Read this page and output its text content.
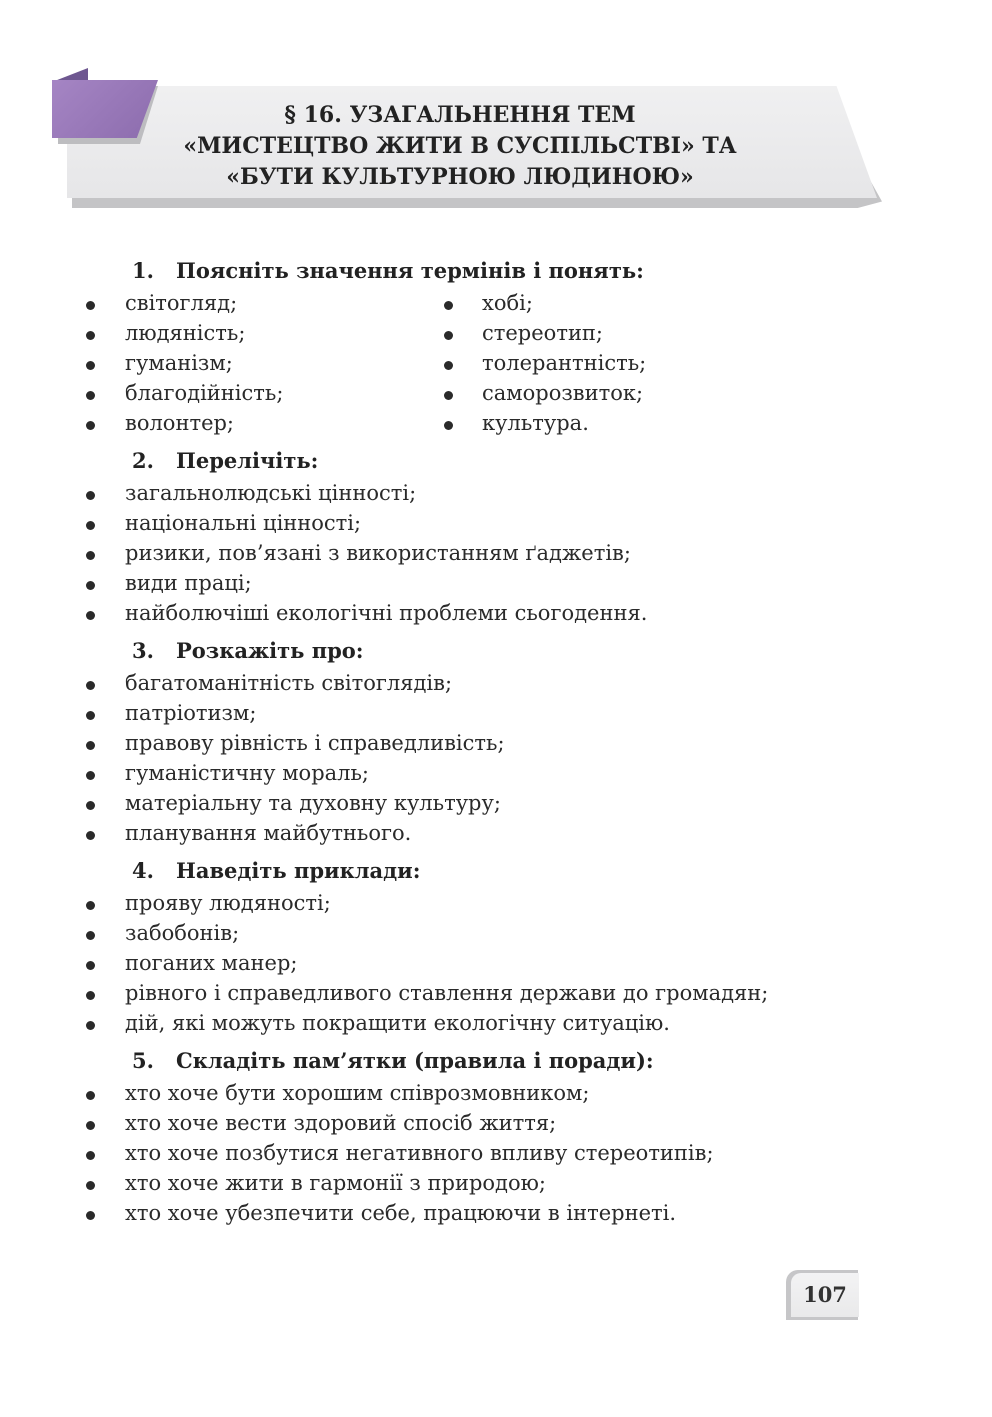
§ 16. УЗАГАЛЬНЕННЯ ТЕМ
«МИСТЕЦТВО ЖИТИ В СУСПІЛЬСТВІ» ТА
«БУТИ КУЛЬТУРНОЮ ЛЮДИНОЮ»

1. Поясніть значення термінів і понять:

світогляд;
людяність;
гуманізм;
благодійність;
волонтер;
хобі;
стереотип;
толерантність;
саморозвиток;
культура.

2. Перелічіть:

загальнолюдські цінності;
національні цінності;
ризики, пов’язані з використанням ґаджетів;
види праці;
найболючіші екологічні проблеми сьогодення.

3. Розкажіть про:

багатоманітність світоглядів;
патріотизм;
правову рівність і справедливість;
гуманістичну мораль;
матеріальну та духовну культуру;
планування майбутнього.

4. Наведіть приклади:

прояву людяності;
забобонів;
поганих манер;
рівного і справедливого ставлення держави до громадян;
дій, які можуть покращити екологічну ситуацію.

5. Складіть пам’ятки (правила і поради):

хто хоче бути хорошим співрозмовником;
хто хоче вести здоровий спосіб життя;
хто хоче позбутися негативного впливу стереотипів;
хто хоче жити в гармонії з природою;
хто хоче убезпечити себе, працюючи в інтернеті.
107
